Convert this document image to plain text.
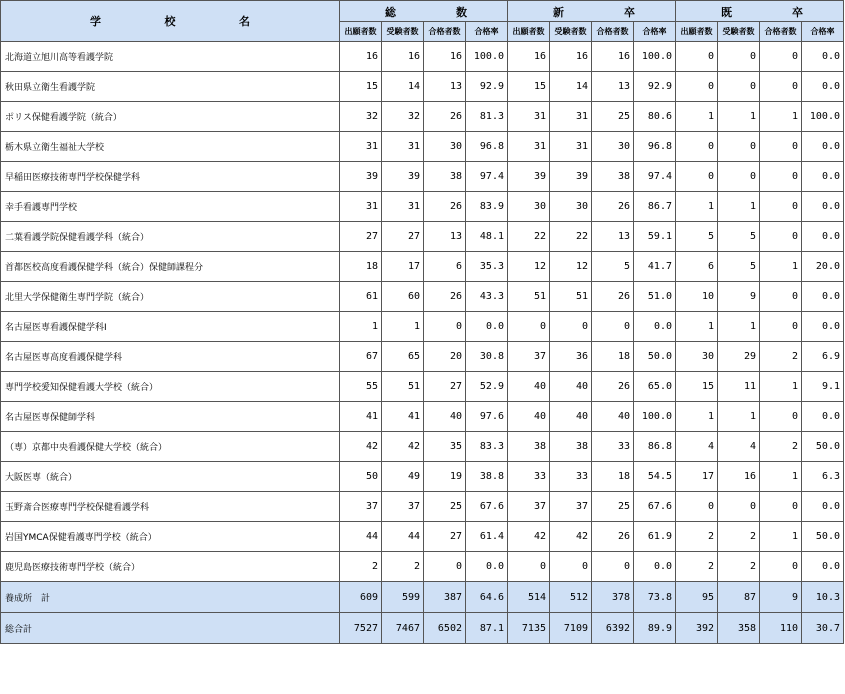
学 校 名	総 数				新 卒				既 卒			

	出願者数	受験者数	合格者数	合格率	出願者数	受験者数	合格者数	合格率	出願者数	受験者数	合格者数	合格率
北海道立旭川高等看護学院	16	16	16	100.0	16	16	16	100.0	0	0	0	0.0
秋田県立衛生看護学院	15	14	13	92.9	15	14	13	92.9	0	0	0	0.0
ポリス保健看護学院（統合）	32	32	26	81.3	31	31	25	80.6	1	1	1	100.0
栃木県立衛生福祉大学校	31	31	30	96.8	31	31	30	96.8	0	0	0	0.0
早稲田医療技術専門学校保健学科	39	39	38	97.4	39	39	38	97.4	0	0	0	0.0
幸手看護専門学校	31	31	26	83.9	30	30	26	86.7	1	1	0	0.0
二葉看護学院保健看護学科（統合）	27	27	13	48.1	22	22	13	59.1	5	5	0	0.0
首都医校高度看護保健学科（統合）保健師課程分	18	17	6	35.3	12	12	5	41.7	6	5	1	20.0
北里大学保健衛生専門学院（統合）	61	60	26	43.3	51	51	26	51.0	10	9	0	0.0
名古屋医専看護保健学科Ⅰ	1	1	0	0.0	0	0	0	0.0	1	1	0	0.0
名古屋医専高度看護保健学科	67	65	20	30.8	37	36	18	50.0	30	29	2	6.9
専門学校愛知保健看護大学校（統合）	55	51	27	52.9	40	40	26	65.0	15	11	1	9.1
名古屋医専保健師学科	41	41	40	97.6	40	40	40	100.0	1	1	0	0.0
（専）京都中央看護保健大学校（統合）	42	42	35	83.3	38	38	33	86.8	4	4	2	50.0
大阪医専（統合）	50	49	19	38.8	33	33	18	54.5	17	16	1	6.3
玉野斎合医療専門学校保健看護学科	37	37	25	67.6	37	37	25	67.6	0	0	0	0.0
岩国YMCA保健看護専門学校（統合）	44	44	27	61.4	42	42	26	61.9	2	2	1	50.0
鹿児島医療技術専門学校（統合）	2	2	0	0.0	0	0	0	0.0	2	2	0	0.0
養成所　計	609	599	387	64.6	514	512	378	73.8	95	87	9	10.3
総合計	7527	7467	6502	87.1	7135	7109	6392	89.9	392	358	110	30.7
